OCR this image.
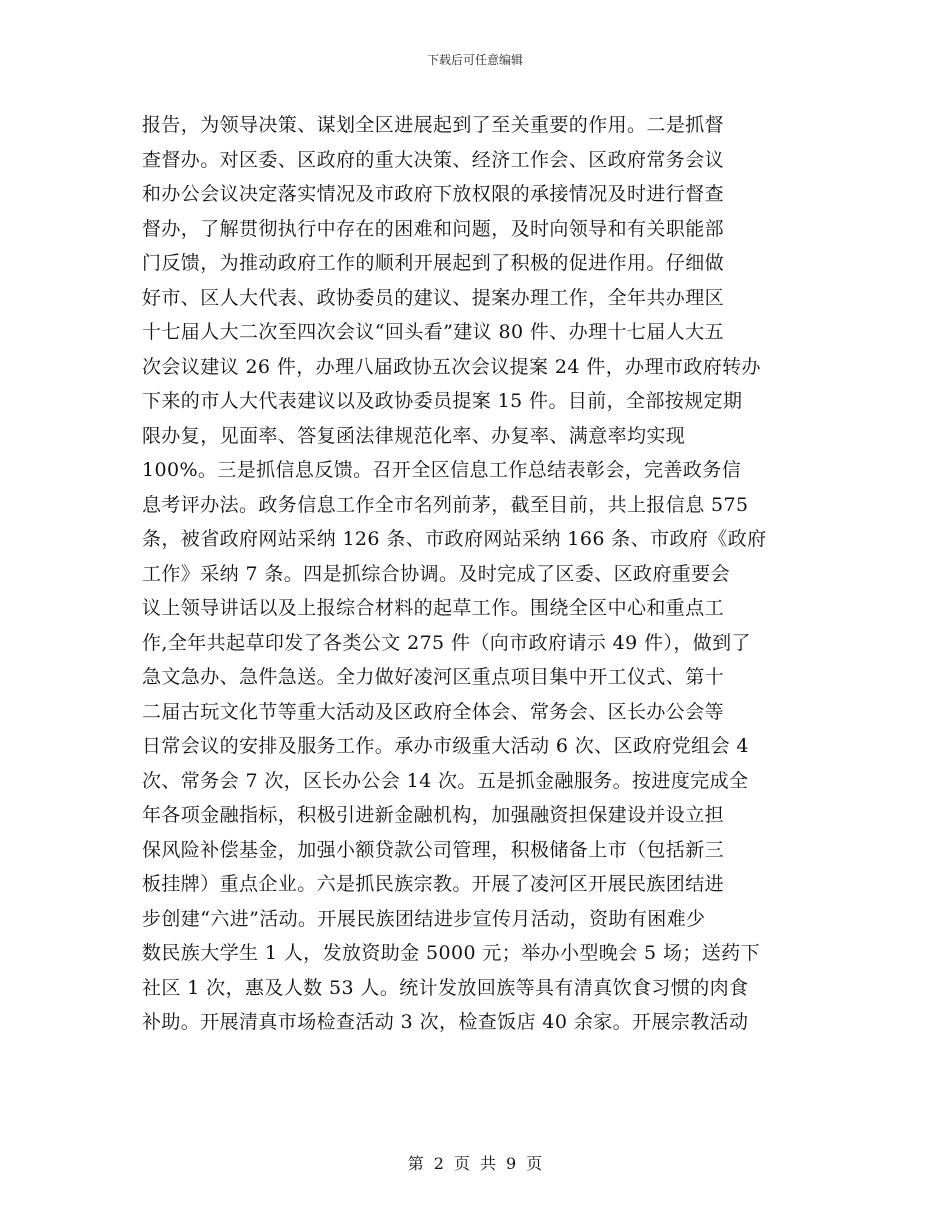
下载后可任意编辑
报告，为领导决策、谋划全区进展起到了至关重要的作用。二是抓督
查督办。对区委、区政府的重大决策、经济工作会、区政府常务会议
和办公会议决定落实情况及市政府下放权限的承接情况及时进行督查
督办，了解贯彻执行中存在的困难和问题，及时向领导和有关职能部
门反馈，为推动政府工作的顺利开展起到了积极的促进作用。仔细做
好市、区人大代表、政协委员的建议、提案办理工作，全年共办理区
十七届人大二次至四次会议“回头看”建议 80 件、办理十七届人大五
次会议建议 26 件，办理八届政协五次会议提案 24 件，办理市政府转办
下来的市人大代表建议以及政协委员提案 15 件。目前，全部按规定期
限办复，见面率、答复函法律规范化率、办复率、满意率均实现
100%。三是抓信息反馈。召开全区信息工作总结表彰会，完善政务信
息考评办法。政务信息工作全市名列前茅，截至目前，共上报信息 575
条，被省政府网站采纳 126 条、市政府网站采纳 166 条、市政府《政府
工作》采纳 7 条。四是抓综合协调。及时完成了区委、区政府重要会
议上领导讲话以及上报综合材料的起草工作。围绕全区中心和重点工
作,全年共起草印发了各类公文 275 件（向市政府请示 49 件），做到了
急文急办、急件急送。全力做好凌河区重点项目集中开工仪式、第十
二届古玩文化节等重大活动及区政府全体会、常务会、区长办公会等
日常会议的安排及服务工作。承办市级重大活动 6 次、区政府党组会 4
次、常务会 7 次，区长办公会 14 次。五是抓金融服务。按进度完成全
年各项金融指标，积极引进新金融机构，加强融资担保建设并设立担
保风险补偿基金，加强小额贷款公司管理，积极储备上市（包括新三
板挂牌）重点企业。六是抓民族宗教。开展了凌河区开展民族团结进
步创建“六进”活动。开展民族团结进步宣传月活动，资助有困难少
数民族大学生 1 人，发放资助金 5000 元；举办小型晚会 5 场；送药下
社区 1 次，惠及人数 53 人。统计发放回族等具有清真饮食习惯的肉食
补助。开展清真市场检查活动 3 次，检查饭店 40 余家。开展宗教活动
第 2 页 共 9 页
